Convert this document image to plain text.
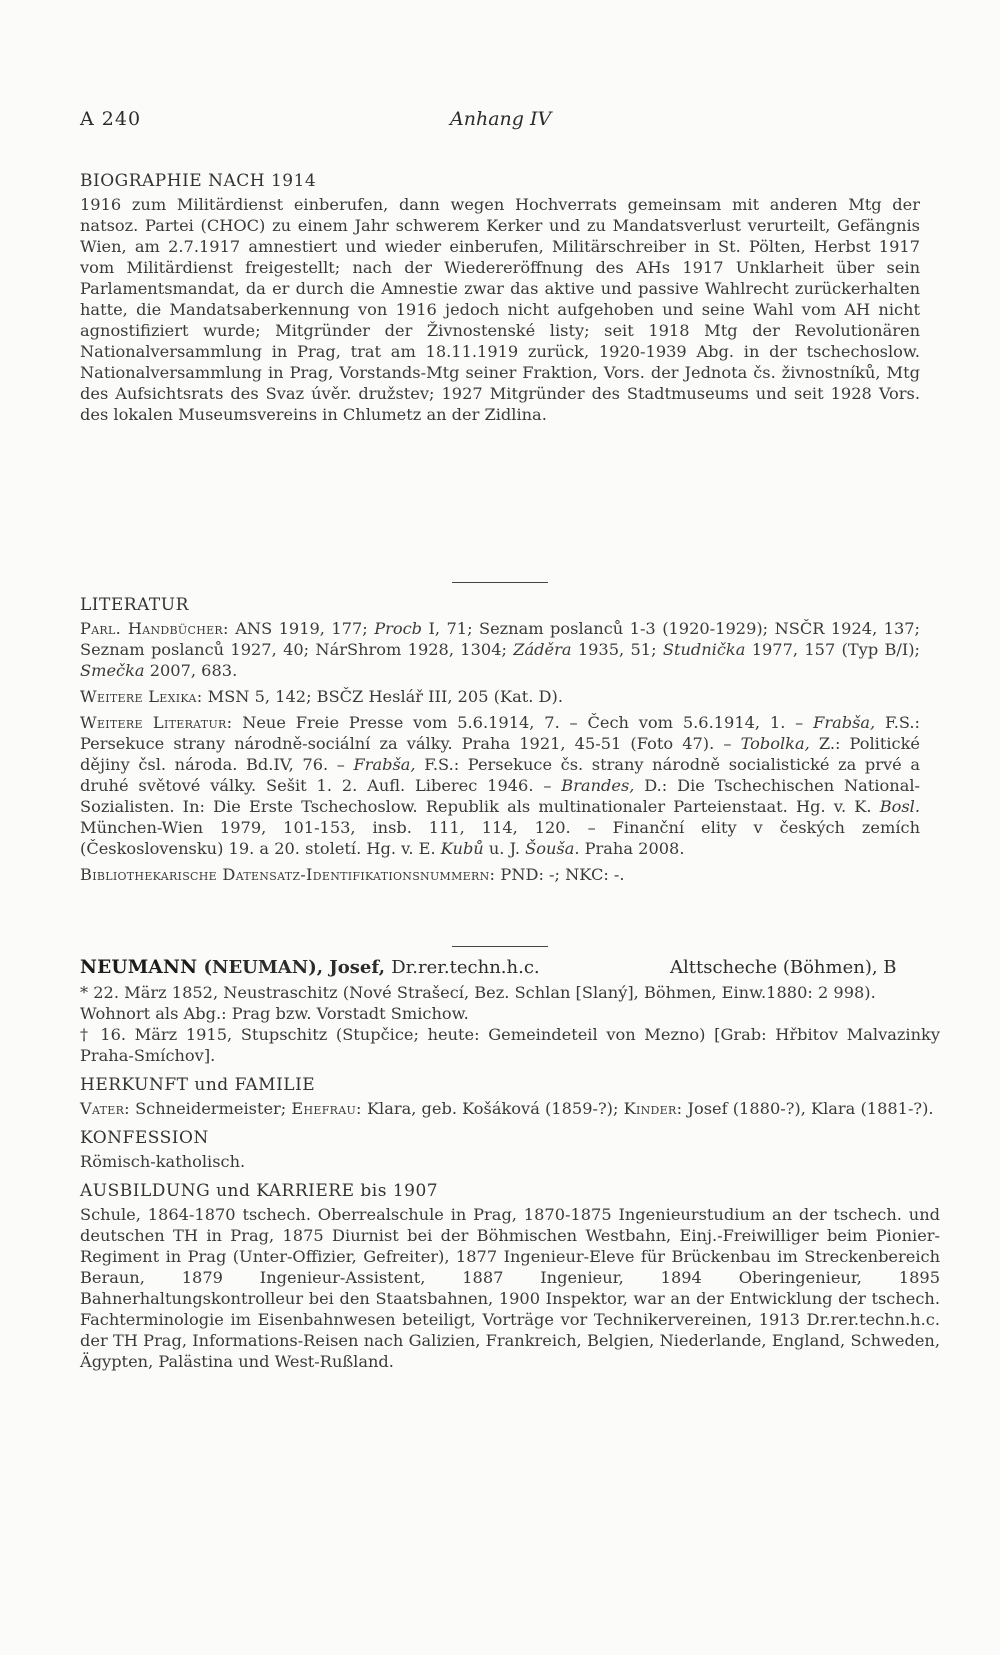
A 240	Anhang IV
BIOGRAPHIE NACH 1914

1916 zum Militärdienst einberufen, dann wegen Hochverrats gemeinsam mit anderen Mtg der natsoz. Partei (CHOC) zu einem Jahr schwerem Kerker und zu Mandatsverlust verurteilt, Gefängnis Wien, am 2.7.1917 amnestiert und wieder einberufen, Militärschreiber in St. Pölten, Herbst 1917 vom Militärdienst freigestellt; nach der Wiedereröffnung des AHs 1917 Unklarheit über sein Parlamentsmandat, da er durch die Amnestie zwar das aktive und passive Wahlrecht zurückerhalten hatte, die Mandatsaberkennung von 1916 jedoch nicht aufgehoben und seine Wahl vom AH nicht agnostifiziert wurde; Mitgründer der Živnostenské listy; seit 1918 Mtg der Revolutionären Nationalversammlung in Prag, trat am 18.11.1919 zurück, 1920-1939 Abg. in der tschechoslow. Nationalversammlung in Prag, Vorstands-Mtg seiner Fraktion, Vors. der Jednota čs. živnostníků, Mtg des Aufsichtsrats des Svaz úvěr. družstev; 1927 Mitgründer des Stadtmuseums und seit 1928 Vors. des lokalen Museumsvereins in Chlumetz an der Zidlina.

LITERATUR

Parl. Handbücher: ANS 1919, 177; Procb I, 71; Seznam poslanců 1-3 (1920-1929); NSČR 1924, 137; Seznam poslanců 1927, 40; NárShrom 1928, 1304; Záděra 1935, 51; Studnička 1977, 157 (Typ B/I); Smečka 2007, 683.

Weitere Lexika: MSN 5, 142; BSČZ Heslář III, 205 (Kat. D).

Weitere Literatur: Neue Freie Presse vom 5.6.1914, 7. – Čech vom 5.6.1914, 1. – Frabša, F.S.: Persekuce strany národně-sociální za války. Praha 1921, 45-51 (Foto 47). – Tobolka, Z.: Politické dějiny čsl. národa. Bd.IV, 76. – Frabša, F.S.: Persekuce čs. strany národně socialistické za prvé a druhé světové války. Sešit 1. 2. Aufl. Liberec 1946. – Brandes, D.: Die Tschechischen National-Sozialisten. In: Die Erste Tschechoslow. Republik als multinationaler Parteienstaat. Hg. v. K. Bosl. München-Wien 1979, 101-153, insb. 111, 114, 120. – Finanční elity v českých zemích (Československu) 19. a 20. století. Hg. v. E. Kubů u. J. Šouša. Praha 2008.

Bibliothekarische Datensatz-Identifikationsnummern: PND: -; NKC: -.

NEUMANN (NEUMAN), Josef, Dr.rer.techn.h.c.	Alttscheche (Böhmen), B

* 22. März 1852, Neustraschitz (Nové Strašecí, Bez. Schlan [Slaný], Böhmen, Einw.1880: 2 998).

Wohnort als Abg.: Prag bzw. Vorstadt Smichow.

† 16. März 1915, Stupschitz (Stupčice; heute: Gemeindeteil von Mezno) [Grab: Hřbitov Malvazinky Praha-Smíchov].

HERKUNFT und FAMILIE

Vater: Schneidermeister; Ehefrau: Klara, geb. Košáková (1859-?); Kinder: Josef (1880-?), Klara (1881-?).

KONFESSION

Römisch-katholisch.

AUSBILDUNG und KARRIERE bis 1907

Schule, 1864-1870 tschech. Oberrealschule in Prag, 1870-1875 Ingenieurstudium an der tschech. und deutschen TH in Prag, 1875 Diurnist bei der Böhmischen Westbahn, Einj.-Freiwilliger beim Pionier-Regiment in Prag (Unter-Offizier, Gefreiter), 1877 Ingenieur-Eleve für Brückenbau im Streckenbereich Beraun, 1879 Ingenieur-Assistent, 1887 Ingenieur, 1894 Oberingenieur, 1895 Bahnerhaltungskontrolleur bei den Staatsbahnen, 1900 Inspektor, war an der Entwicklung der tschech. Fachterminologie im Eisenbahnwesen beteiligt, Vorträge vor Technikervereinen, 1913 Dr.rer.techn.h.c. der TH Prag, Informations-Reisen nach Galizien, Frankreich, Belgien, Niederlande, England, Schweden, Ägypten, Palästina und West-Rußland.
